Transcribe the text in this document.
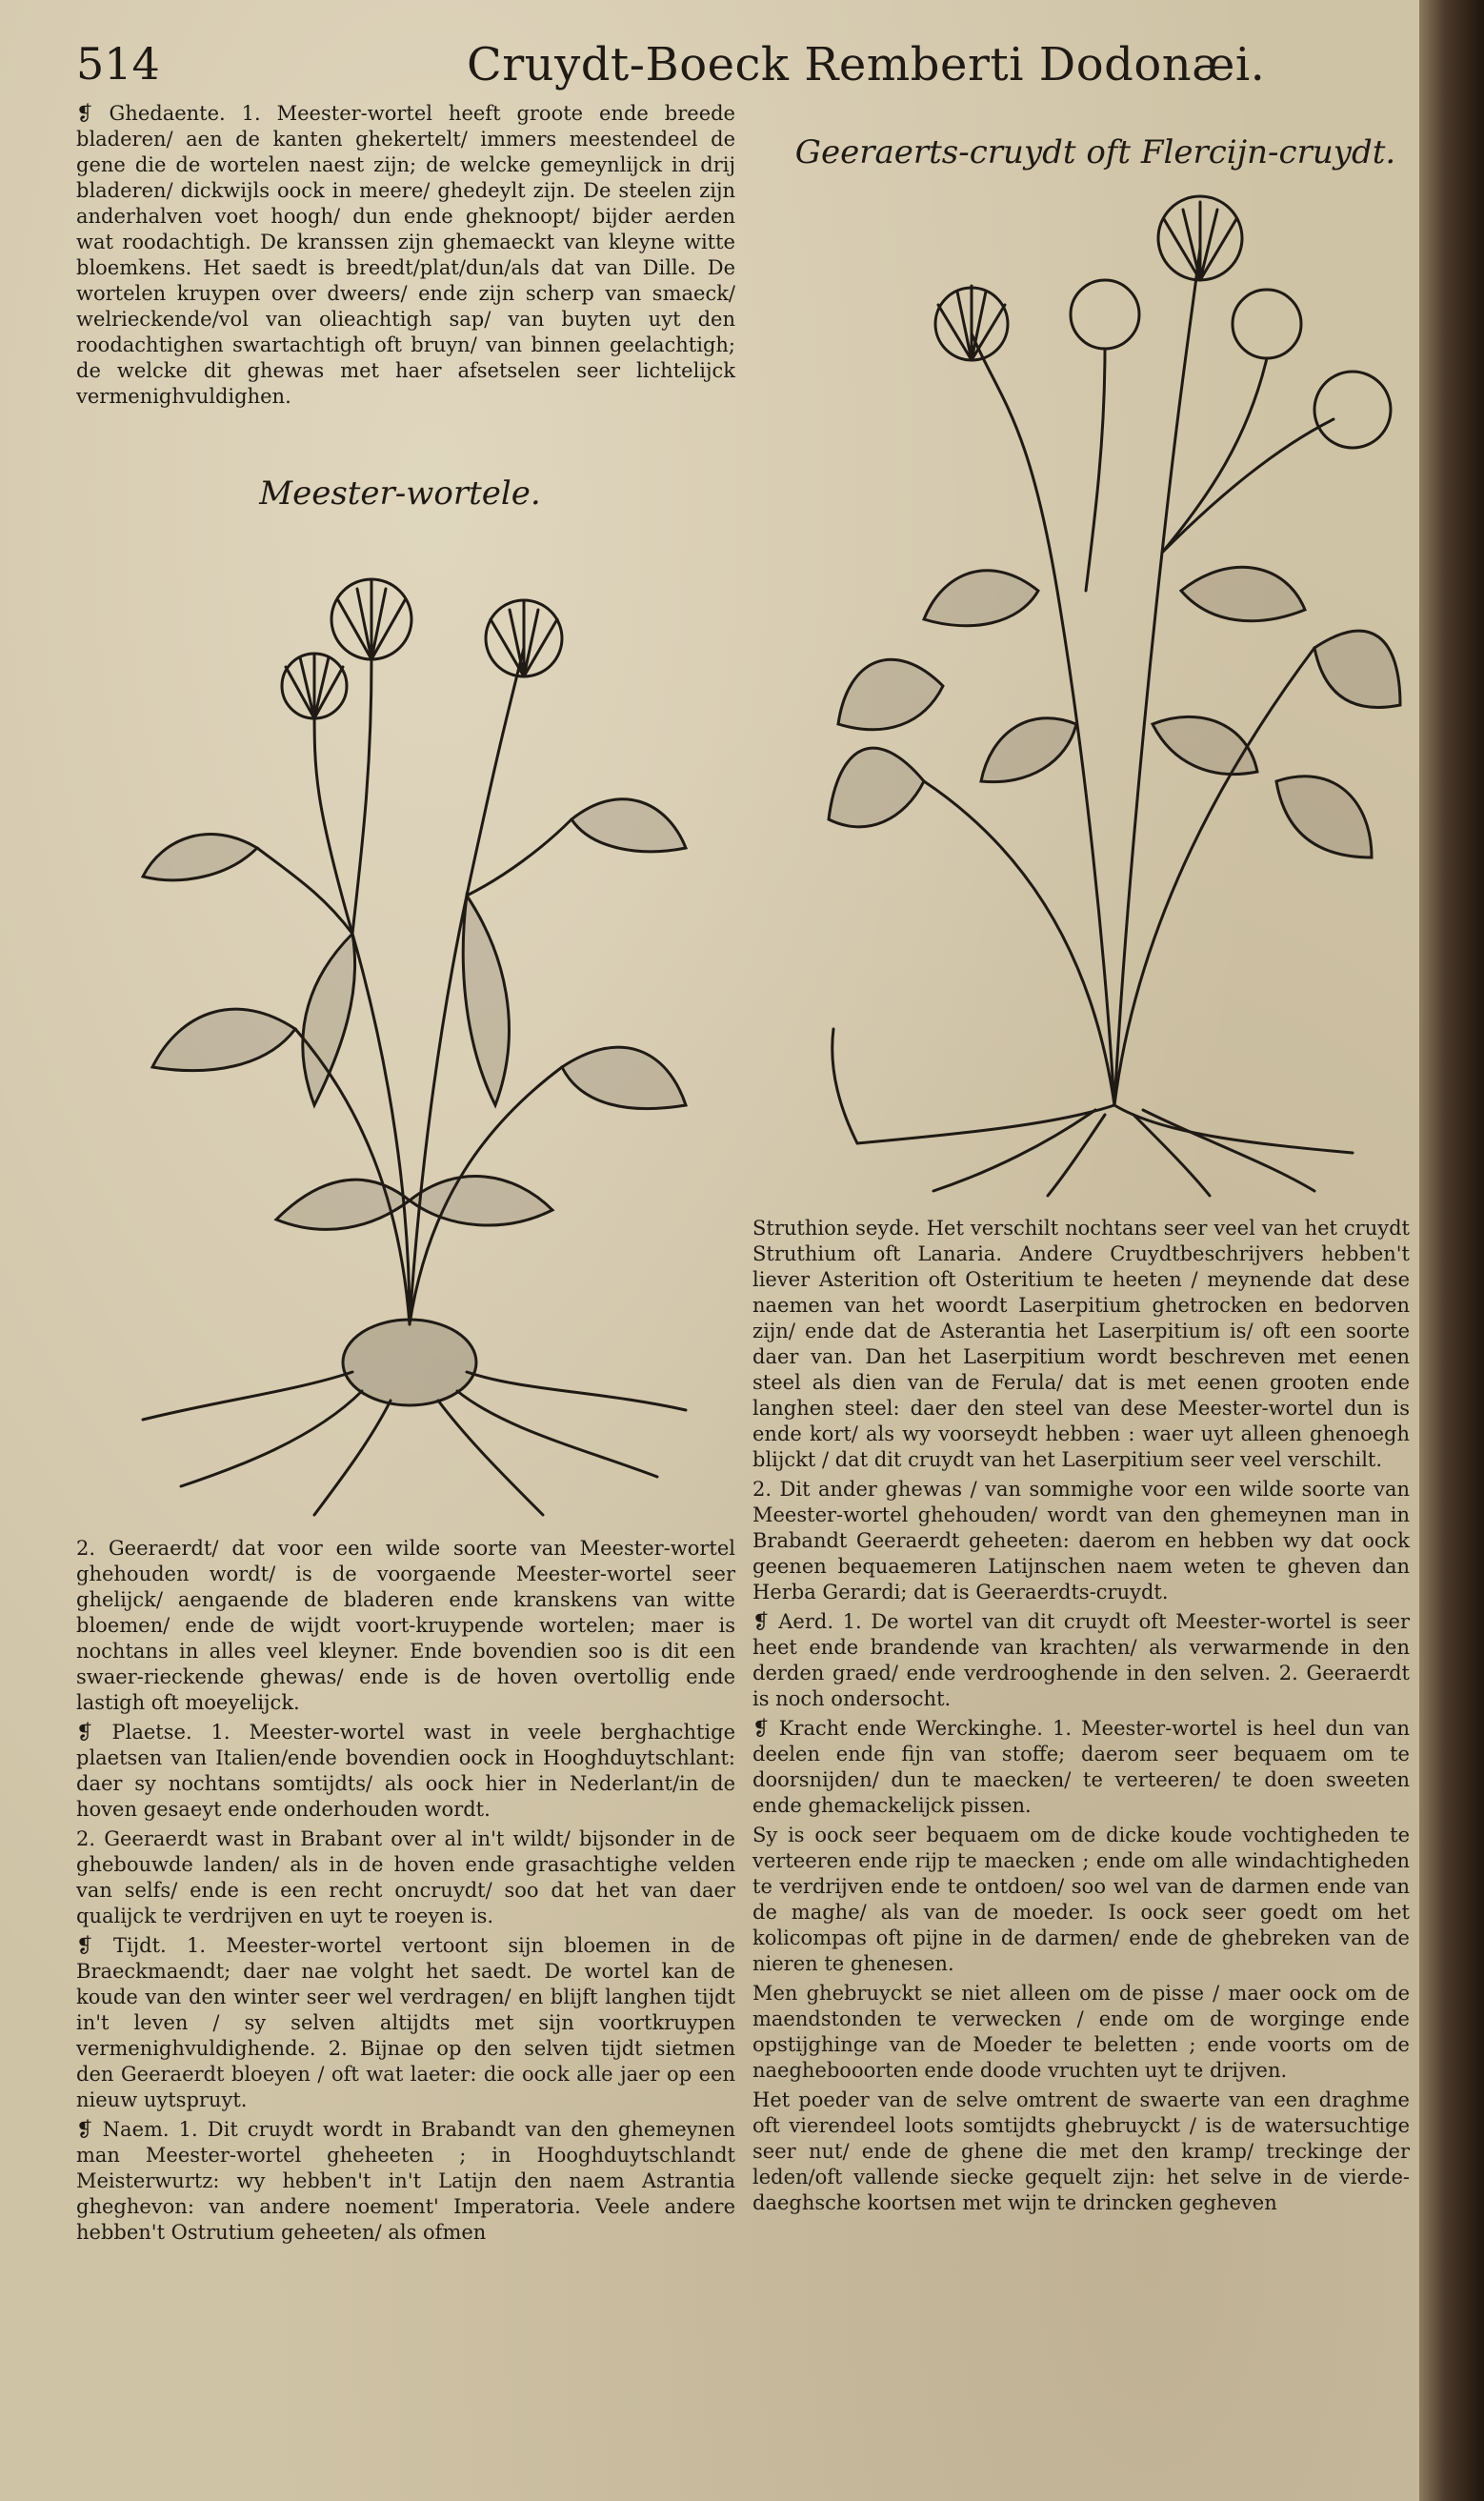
514	Cruydt-Boeck Remberti Dodonæi.

❡ Ghedaente. 1. Meester-wortel heeft groote ende breede bladeren/ aen de kanten ghekertelt/ immers meestendeel de gene die de wortelen naest zijn; de welcke gemeynlijck in drij bladeren/ dickwijls oock in meere/ ghedeylt zijn. De steelen zijn anderhalven voet hoogh/ dun ende gheknoopt/ bijder aerden wat roodachtigh. De kranssen zijn ghemaeckt van kleyne witte bloemkens. Het saedt is breedt/plat/dun/als dat van Dille. De wortelen kruypen over dweers/ ende zijn scherp van smaeck/ welrieckende/vol van olieachtigh sap/ van buyten uyt den roodachtighen swartachtigh oft bruyn/ van binnen geelachtigh; de welcke dit ghewas met haer afsetselen seer lichtelijck vermenighvuldighen.

Meester-wortele.

2. Geeraerdt/ dat voor een wilde soorte van Meester-wortel ghehouden wordt/ is de voorgaende Meester-wortel seer ghelijck/ aengaende de bladeren ende kranskens van witte bloemen/ ende de wijdt voort-kruypende wortelen; maer is nochtans in alles veel kleyner. Ende bovendien soo is dit een swaer-rieckende ghewas/ ende is de hoven overtollig ende lastigh oft moeyelijck.

❡ Plaetse. 1. Meester-wortel wast in veele berghachtige plaetsen van Italien/ende bovendien oock in Hooghduytschlant: daer sy nochtans somtijdts/ als oock hier in Nederlant/in de hoven gesaeyt ende onderhouden wordt.

2. Geeraerdt wast in Brabant over al in't wildt/ bijsonder in de ghebouwde landen/ als in de hoven ende grasachtighe velden van selfs/ ende is een recht oncruydt/ soo dat het van daer qualijck te verdrijven en uyt te roeyen is.

❡ Tijdt. 1. Meester-wortel vertoont sijn bloemen in de Braeckmaendt; daer nae volght het saedt. De wortel kan de koude van den winter seer wel verdragen/ en blijft langhen tijdt in't leven / sy selven altijdts met sijn voortkruypen vermenighvuldighende. 2. Bijnae op den selven tijdt sietmen den Geeraerdt bloeyen / oft wat laeter: die oock alle jaer op een nieuw uytspruyt.

❡ Naem. 1. Dit cruydt wordt in Brabandt van den ghemeynen man Meester-wortel gheheeten ; in Hooghduytschlandt Meisterwurtz: wy hebben't in't Latijn den naem Astrantia gheghevon: van andere noement' Imperatoria. Veele andere hebben't Ostrutium geheeten/ als ofmen

Geeraerts-cruydt oft Flercijn-cruydt.

Struthion seyde. Het verschilt nochtans seer veel van het cruydt Struthium oft Lanaria. Andere Cruydtbeschrijvers hebben't liever Asterition oft Osteritium te heeten / meynende dat dese naemen van het woordt Laserpitium ghetrocken en bedorven zijn/ ende dat de Asterantia het Laserpitium is/ oft een soorte daer van. Dan het Laserpitium wordt beschreven met eenen steel als dien van de Ferula/ dat is met eenen grooten ende langhen steel: daer den steel van dese Meester-wortel dun is ende kort/ als wy voorseydt hebben : waer uyt alleen ghenoegh blijckt / dat dit cruydt van het Laserpitium seer veel verschilt.

2. Dit ander ghewas / van sommighe voor een wilde soorte van Meester-wortel ghehouden/ wordt van den ghemeynen man in Brabandt Geeraerdt geheeten: daerom en hebben wy dat oock geenen bequaemeren Latijnschen naem weten te gheven dan Herba Gerardi; dat is Geeraerdts-cruydt.

❡ Aerd. 1. De wortel van dit cruydt oft Meester-wortel is seer heet ende brandende van krachten/ als verwarmende in den derden graed/ ende verdrooghende in den selven. 2. Geeraerdt is noch ondersocht.

❡ Kracht ende Werckinghe. 1. Meester-wortel is heel dun van deelen ende fijn van stoffe; daerom seer bequaem om te doorsnijden/ dun te maecken/ te verteeren/ te doen sweeten ende ghemackelijck pissen.

Sy is oock seer bequaem om de dicke koude vochtigheden te verteeren ende rijp te maecken ; ende om alle windachtigheden te verdrijven ende te ontdoen/ soo wel van de darmen ende van de maghe/ als van de moeder. Is oock seer goedt om het kolicompas oft pijne in de darmen/ ende de ghebreken van de nieren te ghenesen.

Men ghebruyckt se niet alleen om de pisse / maer oock om de maendstonden te verwecken / ende om de worginge ende opstijghinge van de Moeder te beletten ; ende voorts om de naeghebooorten ende doode vruchten uyt te drijven.

Het poeder van de selve omtrent de swaerte van een draghme oft vierendeel loots somtijdts ghebruyckt / is de watersuchtige seer nut/ ende de ghene die met den kramp/ treckinge der leden/oft vallende siecke gequelt zijn: het selve in de vierde-daeghsche koortsen met wijn te drincken gegheven
